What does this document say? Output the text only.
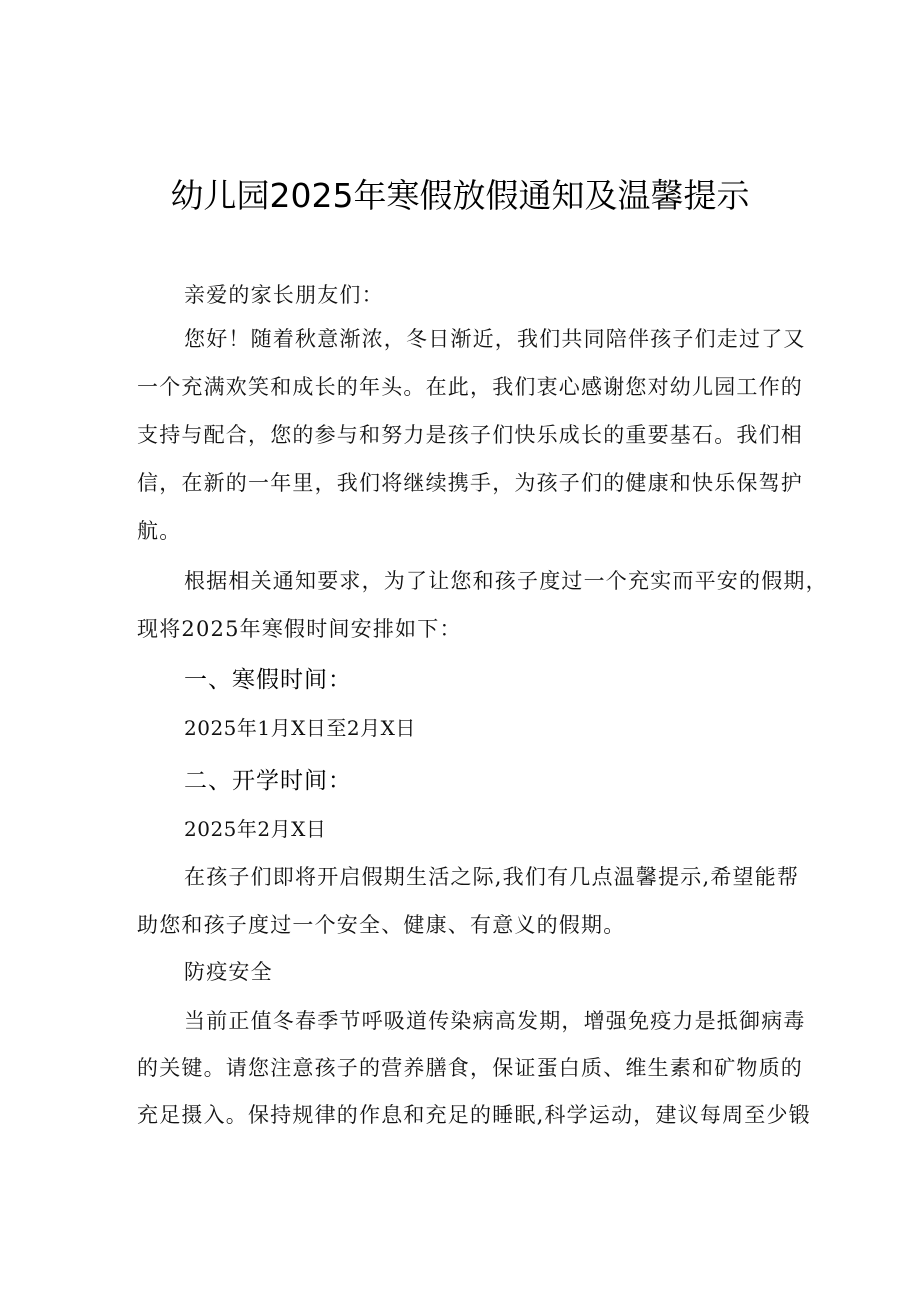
幼儿园2025年寒假放假通知及温馨提示
亲爱的家长朋友们：
您好！随着秋意渐浓，冬日渐近，我们共同陪伴孩子们走过了又
一个充满欢笑和成长的年头。在此，我们衷心感谢您对幼儿园工作的
支持与配合，您的参与和努力是孩子们快乐成长的重要基石。我们相
信，在新的一年里，我们将继续携手，为孩子们的健康和快乐保驾护
航。
根据相关通知要求，为了让您和孩子度过一个充实而平安的假期，
现将2025年寒假时间安排如下：
一、寒假时间：
2025年1月X日至2月X日
二、开学时间：
2025年2月X日
在孩子们即将开启假期生活之际,我们有几点温馨提示,希望能帮
助您和孩子度过一个安全、健康、有意义的假期。
防疫安全
当前正值冬春季节呼吸道传染病高发期，增强免疫力是抵御病毒
的关键。请您注意孩子的营养膳食，保证蛋白质、维生素和矿物质的
充足摄入。保持规律的作息和充足的睡眠,科学运动，建议每周至少锻
